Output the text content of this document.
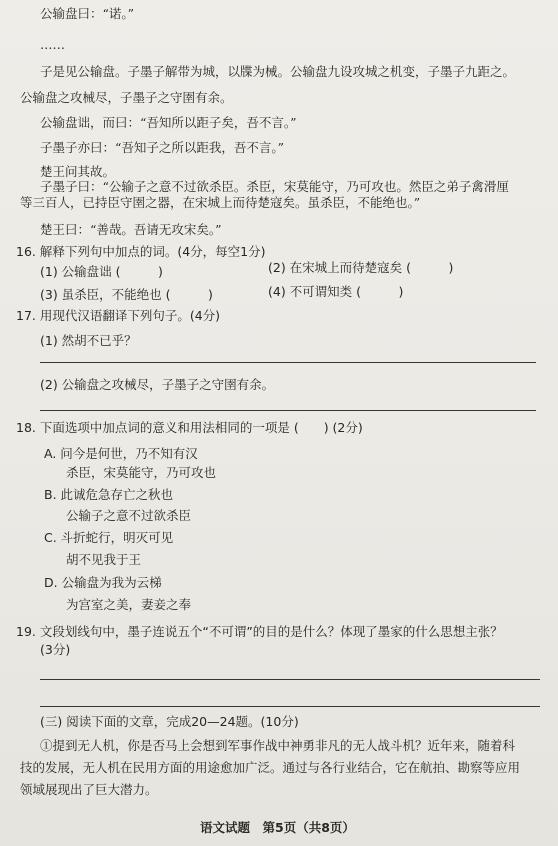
公输盘曰：“诺。”
……
子是见公输盘。子墨子解带为城，以牒为械。公输盘九设攻城之机变，子墨子九距之。
公输盘之攻械尽，子墨子之守圉有余。
公输盘诎，而曰：“吾知所以距子矣，吾不言。”
子墨子亦曰：“吾知子之所以距我，吾不言。”
楚王问其故。
子墨子曰：“公输子之意不过欲杀臣。杀臣，宋莫能守，乃可攻也。然臣之弟子禽滑厘
等三百人，已持臣守圉之器，在宋城上而待楚寇矣。虽杀臣，不能绝也。”
楚王曰：“善哉。吾请无攻宋矣。”
16. 解释下列句中加点的词。(4分，每空1分)
(1) 公输盘诎 (　　　)	(2) 在宋城上而待楚寇矣 (　　　)
(3) 虽杀臣，不能绝也 (　　　)	(4) 不可谓知类 (　　　)
17. 用现代汉语翻译下列句子。(4分)
(1) 然胡不已乎？
(2) 公输盘之攻械尽，子墨子之守圉有余。
18. 下面选项中加点词的意义和用法相同的一项是 (　　) (2分)
A. 问今是何世，乃不知有汉
杀臣，宋莫能守，乃可攻也
B. 此诚危急存亡之秋也
公输子之意不过欲杀臣
C. 斗折蛇行，明灭可见
胡不见我于王
D. 公输盘为我为云梯
为宫室之美，妻妾之奉
19. 文段划线句中，墨子连说五个“不可谓”的目的是什么？体现了墨家的什么思想主张？
(3分)
(三) 阅读下面的文章，完成20—24题。(10分)
①提到无人机，你是否马上会想到军事作战中神勇非凡的无人战斗机？近年来，随着科
技的发展，无人机在民用方面的用途愈加广泛。通过与各行业结合，它在航拍、勘察等应用
领域展现出了巨大潜力。
语文试题　第5页（共8页）
